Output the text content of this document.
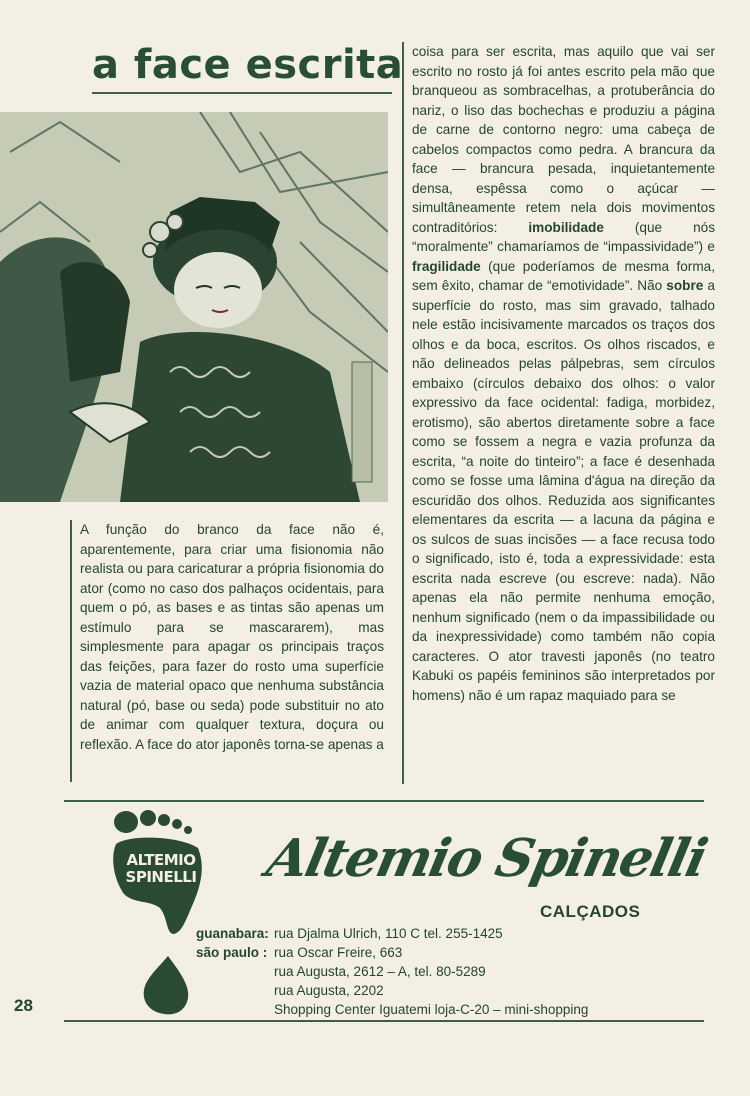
a face escrita

A função do branco da face não é, aparentemente, para criar uma fisionomia não realista ou para caricaturar a própria fisionomia do ator (como no caso dos palhaços ocidentais, para quem o pó, as bases e as tintas são apenas um estímulo para se mascararem), mas simplesmente para apagar os principais traços das feições, para fazer do rosto uma superfície vazia de material opaco que nenhuma substância natural (pó, base ou seda) pode substituir no ato de animar com qualquer textura, doçura ou reflexão. A face do ator japonês torna-se apenas a

coisa para ser escrita, mas aquilo que vai ser escrito no rosto já foi antes escrito pela mão que branqueou as sombracelhas, a protuberância do nariz, o liso das bochechas e produziu a página de carne de contorno negro: uma cabeça de cabelos compactos como pedra. A brancura da face — brancura pesada, inquietantemente densa, espêssa como o açúcar — simultâneamente retem nela dois movimentos contraditórios: imobilidade (que nós “moralmente” chamaríamos de “impassividade”) e fragilidade (que poderíamos de mesma forma, sem êxito, chamar de “emotividade”. Não sobre a superfície do rosto, mas sim gravado, talhado nele estão incisivamente marcados os traços dos olhos e da boca, escritos. Os olhos riscados, e não delineados pelas pálpebras, sem círculos embaixo (círculos debaixo dos olhos: o valor expressivo da face ocidental: fadiga, morbidez, erotismo), são abertos diretamente sobre a face como se fossem a negra e vazia profunza da escrita, “a noite do tinteiro”; a face é desenhada como se fosse uma lâmina d'água na direção da escuridão dos olhos. Reduzida aos significantes elementares da escrita — a lacuna da página e os sulcos de suas incisões — a face recusa todo o significado, isto é, toda a expressividade: esta escrita nada escreve (ou escreve: nada). Não apenas ela não permite nenhuma emoção, nenhum significado (nem o da impassibilidade ou da inexpressividade) como também não copia caracteres. O ator travesti japonês (no teatro Kabuki os papéis femininos são interpretados por homens) não é um rapaz maquiado para se

ALTEMIO
SPINELLI Altemio Spinelli

CALÇADOS

guanabara: rua Djalma Ulrich, 110 C tel. 255-1425
são paulo : rua Oscar Freire, 663
rua Augusta, 2612 – A, tel. 80-5289
rua Augusta, 2202
Shopping Center Iguatemi loja-C-20 – mini-shopping

28
